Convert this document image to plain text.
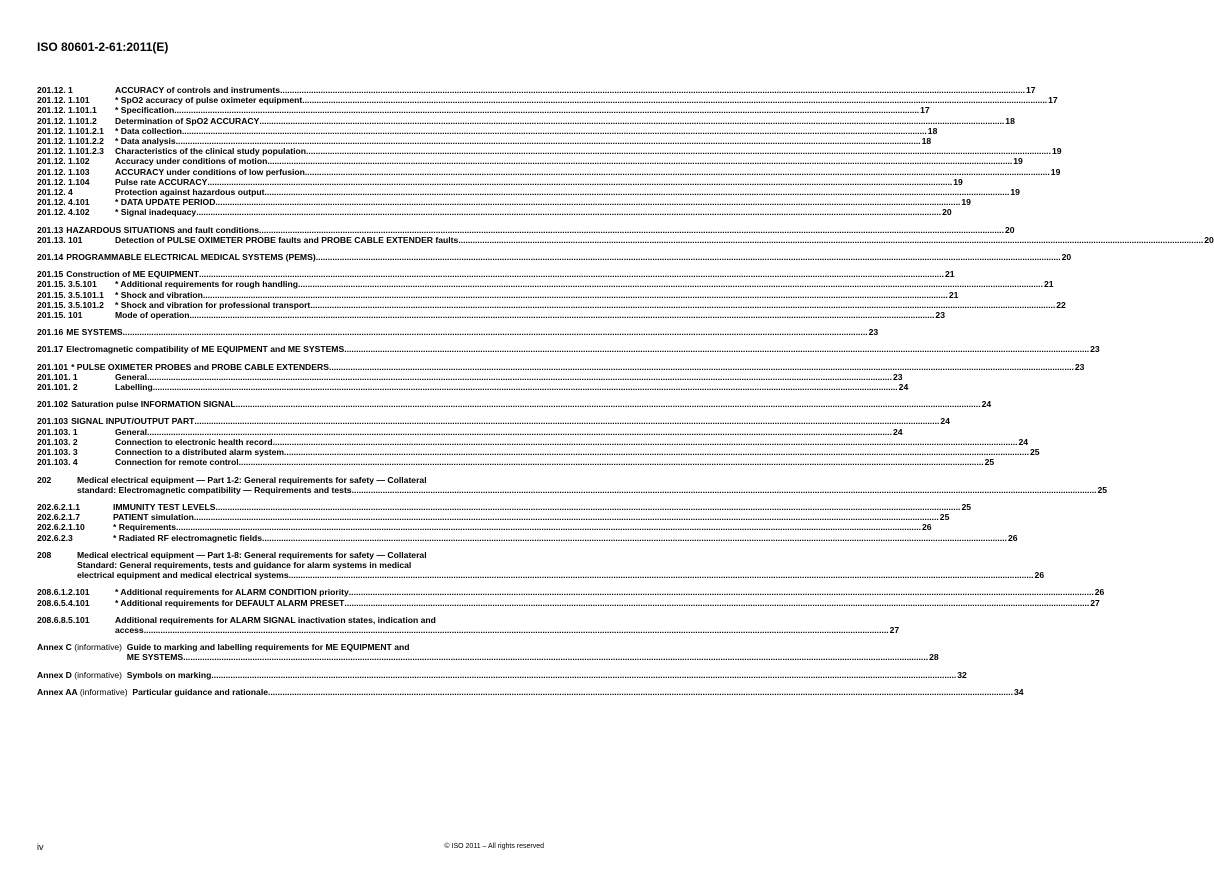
ISO 80601-2-61:2011(E)
201.12. 1	ACCURACY of controls and instruments .....	17
201.12. 1.101	* SpO2 accuracy of pulse oximeter equipment .....	17
201.12. 1.101.1	* Specification .....	17
201.12. 1.101.2	Determination of SpO2 ACCURACY .....	18
201.12. 1.101.2.1	* Data collection .....	18
201.12. 1.101.2.2	* Data analysis .....	18
201.12. 1.101.2.3	Characteristics of the clinical study population .....	19
201.12. 1.102	Accuracy under conditions of motion .....	19
201.12. 1.103	ACCURACY under conditions of low perfusion .....	19
201.12. 1.104	Pulse rate ACCURACY .....	19
201.12. 4	Protection against hazardous output .....	19
201.12. 4.101	* DATA UPDATE PERIOD .....	19
201.12. 4.102	* Signal inadequacy .....	20
201.13 HAZARDOUS SITUATIONS and fault conditions .....	20
201.13. 101	Detection of PULSE OXIMETER PROBE faults and PROBE CABLE EXTENDER faults .....	20
201.14 PROGRAMMABLE ELECTRICAL MEDICAL SYSTEMS (PEMS) .....	20
201.15 Construction of ME EQUIPMENT .....	21
201.15. 3.5.101	* Additional requirements for rough handling .....	21
201.15. 3.5.101.1	* Shock and vibration .....	21
201.15. 3.5.101.2	* Shock and vibration for professional transport .....	22
201.15. 101	Mode of operation .....	23
201.16 ME SYSTEMS .....	23
201.17 Electromagnetic compatibility of ME EQUIPMENT and ME SYSTEMS .....	23
201.101 * PULSE OXIMETER PROBES and PROBE CABLE EXTENDERS .....	23
201.101. 1	General .....	23
201.101. 2	Labelling .....	24
201.102 Saturation pulse INFORMATION SIGNAL .....	24
201.103 SIGNAL INPUT/OUTPUT PART .....	24
201.103. 1	General .....	24
201.103. 2	Connection to electronic health record .....	24
201.103. 3	Connection to a distributed alarm system .....	25
201.103. 4	Connection for remote control .....	25
202	Medical electrical equipment — Part 1-2: General requirements for safety — Collateral
standard: Electromagnetic compatibility — Requirements and tests .....	25
202.6.2.1.1	IMMUNITY TEST LEVELS .....	25
202.6.2.1.7	PATIENT simulation .....	25
202.6.2.1.10	* Requirements .....	26
202.6.2.3	* Radiated RF electromagnetic fields .....	26
208	Medical electrical equipment — Part 1-8: General requirements for safety — Collateral
Standard: General requirements, tests and guidance for alarm systems in medical
electrical equipment and medical electrical systems .....	26
208.6.1.2.101	* Additional requirements for ALARM CONDITION priority .....	26
208.6.5.4.101	* Additional requirements for DEFAULT ALARM PRESET .....	27
208.6.8.5.101	Additional requirements for ALARM SIGNAL inactivation states, indication and
access .....	27
Annex C (informative) Guide to marking and labelling requirements for ME EQUIPMENT and
ME SYSTEMS .....	28
Annex D (informative) Symbols on marking .....	32
Annex AA (informative) Particular guidance and rationale .....	34
iv	© ISO 2011 – All rights reserved
